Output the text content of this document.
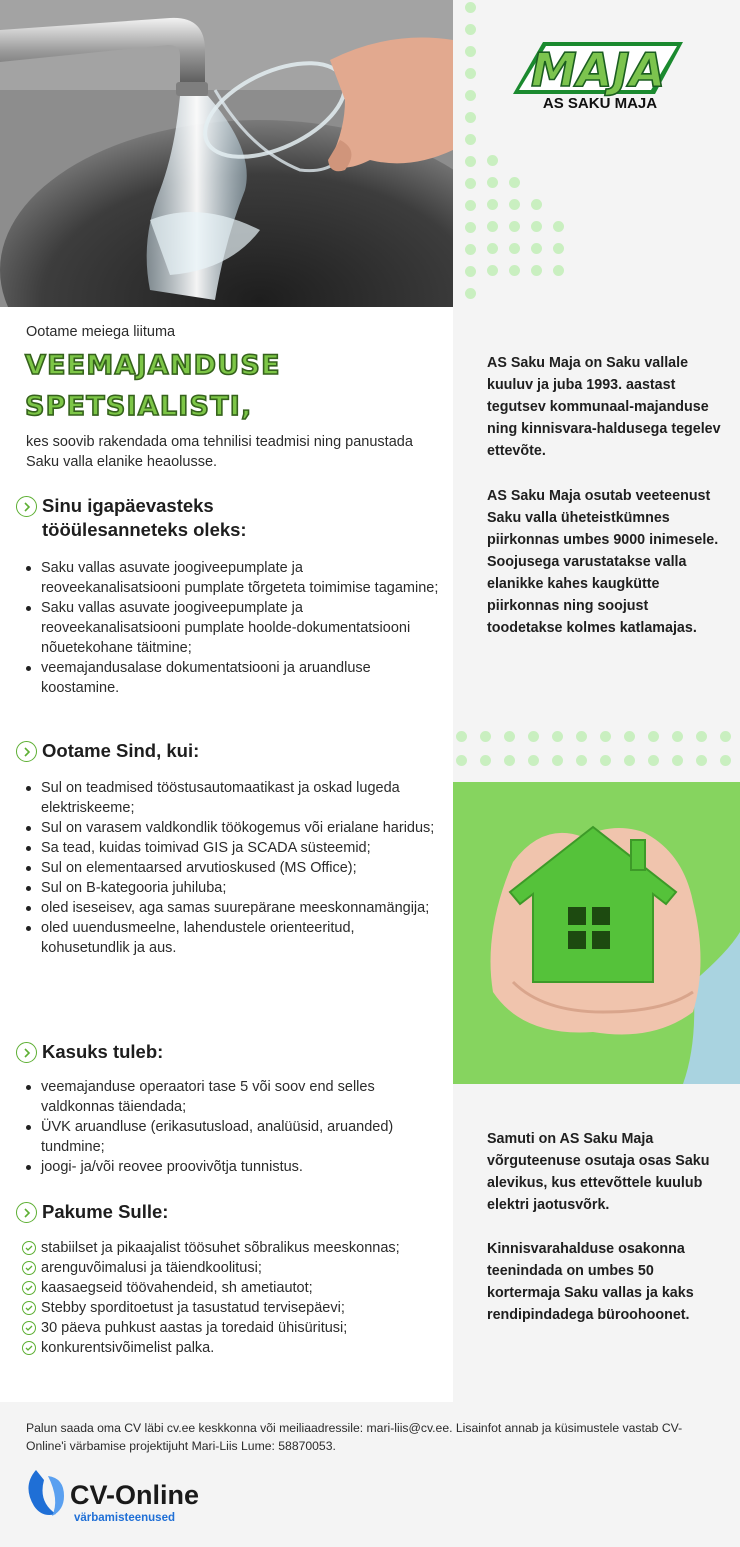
MAJA
AS SAKU MAJA

AS Saku Maja on Saku vallale kuuluv ja juba 1993. aastast tegutsev kommunaal-majanduse ning kinnisvara-haldusega tegelev ettevõte.

AS Saku Maja osutab veeteenust Saku valla üheteistkümnes piirkonnas umbes 9000 inimesele. Soojusega varustatakse valla elanikke kahes kaugkütte piirkonnas ning soojust toodetakse kolmes katlamajas.

Samuti on AS Saku Maja võrguteenuse osutaja osas Saku alevikus, kus ettevõttele kuulub elektri jaotusvõrk.

Kinnisvarahalduse osakonna teenindada on umbes 50 kortermaja Saku vallas ja kaks rendipindadega büroohoonet.

Ootame meiega liituma

VEEMAJANDUSE
SPETSIALISTI,

kes soovib rakendada oma tehnilisi teadmisi ning panustada Saku valla elanike heaolusse.

Sinu igapäevasteks tööülesanneteks oleks:
Saku vallas asuvate joogiveepumplate ja reoveekanalisatsiooni pumplate tõrgeteta toimimise tagamine;
Saku vallas asuvate joogiveepumplate ja reoveekanalisatsiooni pumplate hoolde-dokumentatsiooni nõuetekohane täitmine;
veemajandusalase dokumentatsiooni ja aruandluse koostamine.
Ootame Sind, kui:
Sul on teadmised tööstusautomaatikast ja oskad lugeda elektriskeeme;
Sul on varasem valdkondlik töökogemus või erialane haridus;
Sa tead, kuidas toimivad GIS ja SCADA süsteemid;
Sul on elementaarsed arvutioskused (MS Office);
Sul on B-kategooria juhiluba;
oled iseseisev, aga samas suurepärane meeskonnamängija;
oled uuendusmeelne, lahendustele orienteeritud, kohusetundlik ja aus.
Kasuks tuleb:
veemajanduse operaatori tase 5 või soov end selles valdkonnas täiendada;
ÜVK aruandluse (erikasutusload, analüüsid, aruanded) tundmine;
joogi- ja/või reovee proovivõtja tunnistus.
Pakume Sulle:
stabiilset ja pikaajalist töösuhet sõbralikus meeskonnas;
arenguvõimalusi ja täiendkoolitusi;
kaasaegseid töövahendeid, sh ametiautot;
Stebby sporditoetust ja tasustatud tervisepäevi;
30 päeva puhkust aastas ja toredaid ühisüritusi;
konkurentsivõimelist palka.

Palun saada oma CV läbi cv.ee keskkonna või meiliaadressile: mari-liis@cv.ee. Lisainfot annab ja küsimustele vastab CV-Online'i värbamise projektijuht Mari-Liis Lume: 58870053.

CV-Online
värbamisteenused
